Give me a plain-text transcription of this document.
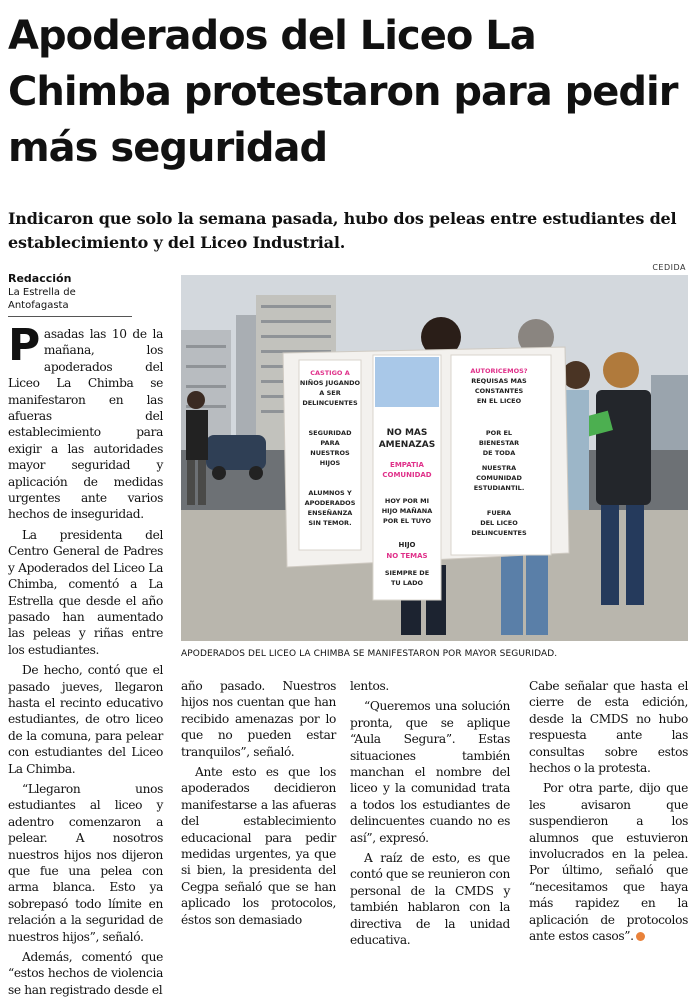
Apoderados del Liceo La Chimba protestaron para pedir más seguridad
Indicaron que solo la semana pasada, hubo dos peleas entre estudiantes del establecimiento y del Liceo Industrial.
Redacción
La Estrella de Antofagasta
CEDIDA
CASTIGO A
NIÑOS JUGANDO
A SER
DELINCUENTES
SEGURIDAD
PARA
NUESTROS
HIJOS
ALUMNOS Y
APODERADOS
ENSEÑANZA
SIN TEMOR.
NO MAS
AMENAZAS
EMPATIA
COMUNIDAD
HOY POR MI
HIJO MAÑANA
POR EL TUYO
HIJO
NO TEMAS
SIEMPRE DE
TU LADO
AUTORICEMOS?
REQUISAS MAS
CONSTANTES
EN EL LICEO
POR EL
BIENESTAR
DE TODA
NUESTRA
COMUNIDAD
ESTUDIANTIL.
FUERA
DEL LICEO
DELINCUENTES
APODERADOS DEL LICEO LA CHIMBA SE MANIFESTARON POR MAYOR SEGURIDAD.

Pasadas las 10 de la mañana, los apoderados del Liceo La Chimba se manifestaron en las afueras del establecimiento para exigir a las autoridades mayor seguridad y aplicación de medidas urgentes ante varios hechos de inseguridad.

La presidenta del Centro General de Padres y Apoderados del Liceo La Chimba, comentó a La Estrella que desde el año pasado han aumentado las peleas y riñas entre los estudiantes.

De hecho, contó que el pasado jueves, llegaron hasta el recinto educativo estudiantes, de otro liceo de la comuna, para pelear con estudiantes del Liceo La Chimba.

“Llegaron unos estudiantes al liceo y adentro comenzaron a pelear. A nosotros nuestros hijos nos dijeron que fue una pelea con arma blanca. Esto ya sobrepasó todo límite en relación a la seguridad de nuestros hijos”, señaló.

Además, comentó que “estos hechos de violencia se han registrado desde el

año pasado. Nuestros hijos nos cuentan que han recibido amenazas por lo que no pueden estar tranquilos”, señaló.

Ante esto es que los apoderados decidieron manifestarse a las afueras del establecimiento educacional para pedir medidas urgentes, ya que si bien, la presidenta del Cegpa señaló que se han aplicado los protocolos, éstos son demasiado

lentos.

“Queremos una solución pronta, que se aplique “Aula Segura”. Estas situaciones también manchan el nombre del liceo y la comunidad trata a todos los estudiantes de delincuentes cuando no es así”, expresó.

A raíz de esto, es que contó que se reunieron con personal de la CMDS y también hablaron con la directiva de la unidad educativa.

Cabe señalar que hasta el cierre de esta edición, desde la CMDS no hubo respuesta ante las consultas sobre estos hechos o la protesta.

Por otra parte, dijo que les avisaron que suspendieron a los alumnos que estuvieron involucrados en la pelea. Por último, señaló que “necesitamos que haya más rapidez en la aplicación de protocolos ante estos casos”.
